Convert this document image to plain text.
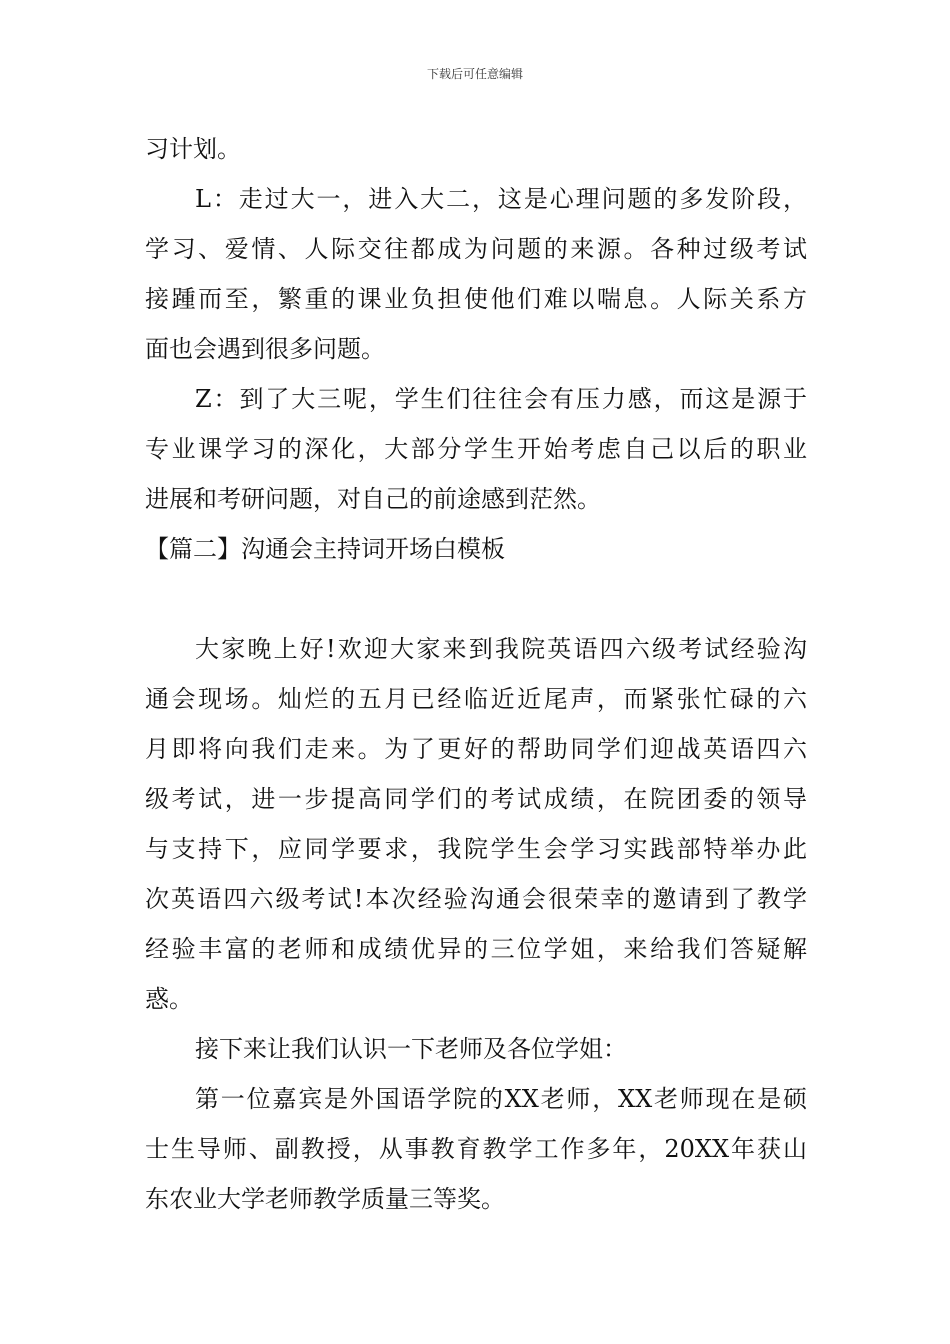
下载后可任意编辑
习计划。
L：走过大一，进入大二，这是心理问题的多发阶段，
学习、爱情、人际交往都成为问题的来源。各种过级考试
接踵而至，繁重的课业负担使他们难以喘息。人际关系方
面也会遇到很多问题。
Z：到了大三呢，学生们往往会有压力感，而这是源于
专业课学习的深化，大部分学生开始考虑自己以后的职业
进展和考研问题，对自己的前途感到茫然。
【篇二】沟通会主持词开场白模板
大家晚上好!欢迎大家来到我院英语四六级考试经验沟
通会现场。灿烂的五月已经临近近尾声，而紧张忙碌的六
月即将向我们走来。为了更好的帮助同学们迎战英语四六
级考试，进一步提高同学们的考试成绩，在院团委的领导
与支持下，应同学要求，我院学生会学习实践部特举办此
次英语四六级考试!本次经验沟通会很荣幸的邀请到了教学
经验丰富的老师和成绩优异的三位学姐，来给我们答疑解
惑。
接下来让我们认识一下老师及各位学姐：
第一位嘉宾是外国语学院的XX老师，XX老师现在是硕
士生导师、副教授，从事教育教学工作多年，20XX年获山
东农业大学老师教学质量三等奖。
